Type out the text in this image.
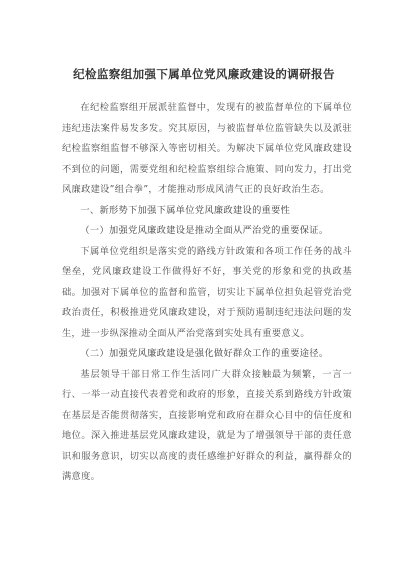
纪检监察组加强下属单位党风廉政建设的调研报告

在纪检监察组开展派驻监督中，发现有的被监督单位的下属单位违纪违法案件易发多发。究其原因，与被监督单位监管缺失以及派驻纪检监察组监督不够深入等密切相关。为解决下属单位党风廉政建设不到位的问题，需要党组和纪检监察组综合施策、同向发力，打出党风廉政建设”组合拳”，才能推动形成风清气正的良好政治生态。

一、新形势下加强下属单位党风廉政建设的重要性

（一）加强党风廉政建设是推动全面从严治党的重要保证。

下属单位党组织是落实党的路线方针政策和各项工作任务的战斗堡垒，党风廉政建设工作做得好不好，事关党的形象和党的执政基础。加强对下属单位的监督和监管，切实让下属单位担负起管党治党政治责任，积极推进党风廉政建设，对于预防遏制违纪违法问题的发生，进一步纵深推动全面从严治党落到实处具有重要意义。

（二）加强党风廉政建设是强化做好群众工作的重要途径。

基层领导干部日常工作生活同广大群众接触最为频繁，一言一行、一举一动直接代表着党和政府的形象，直接关系到路线方针政策在基层是否能贯彻落实，直接影响党和政府在群众心目中的信任度和地位。深入推进基层党风廉政建设，就是为了增强领导干部的责任意识和服务意识，切实以高度的责任感维护好群众的利益，赢得群众的满意度。
